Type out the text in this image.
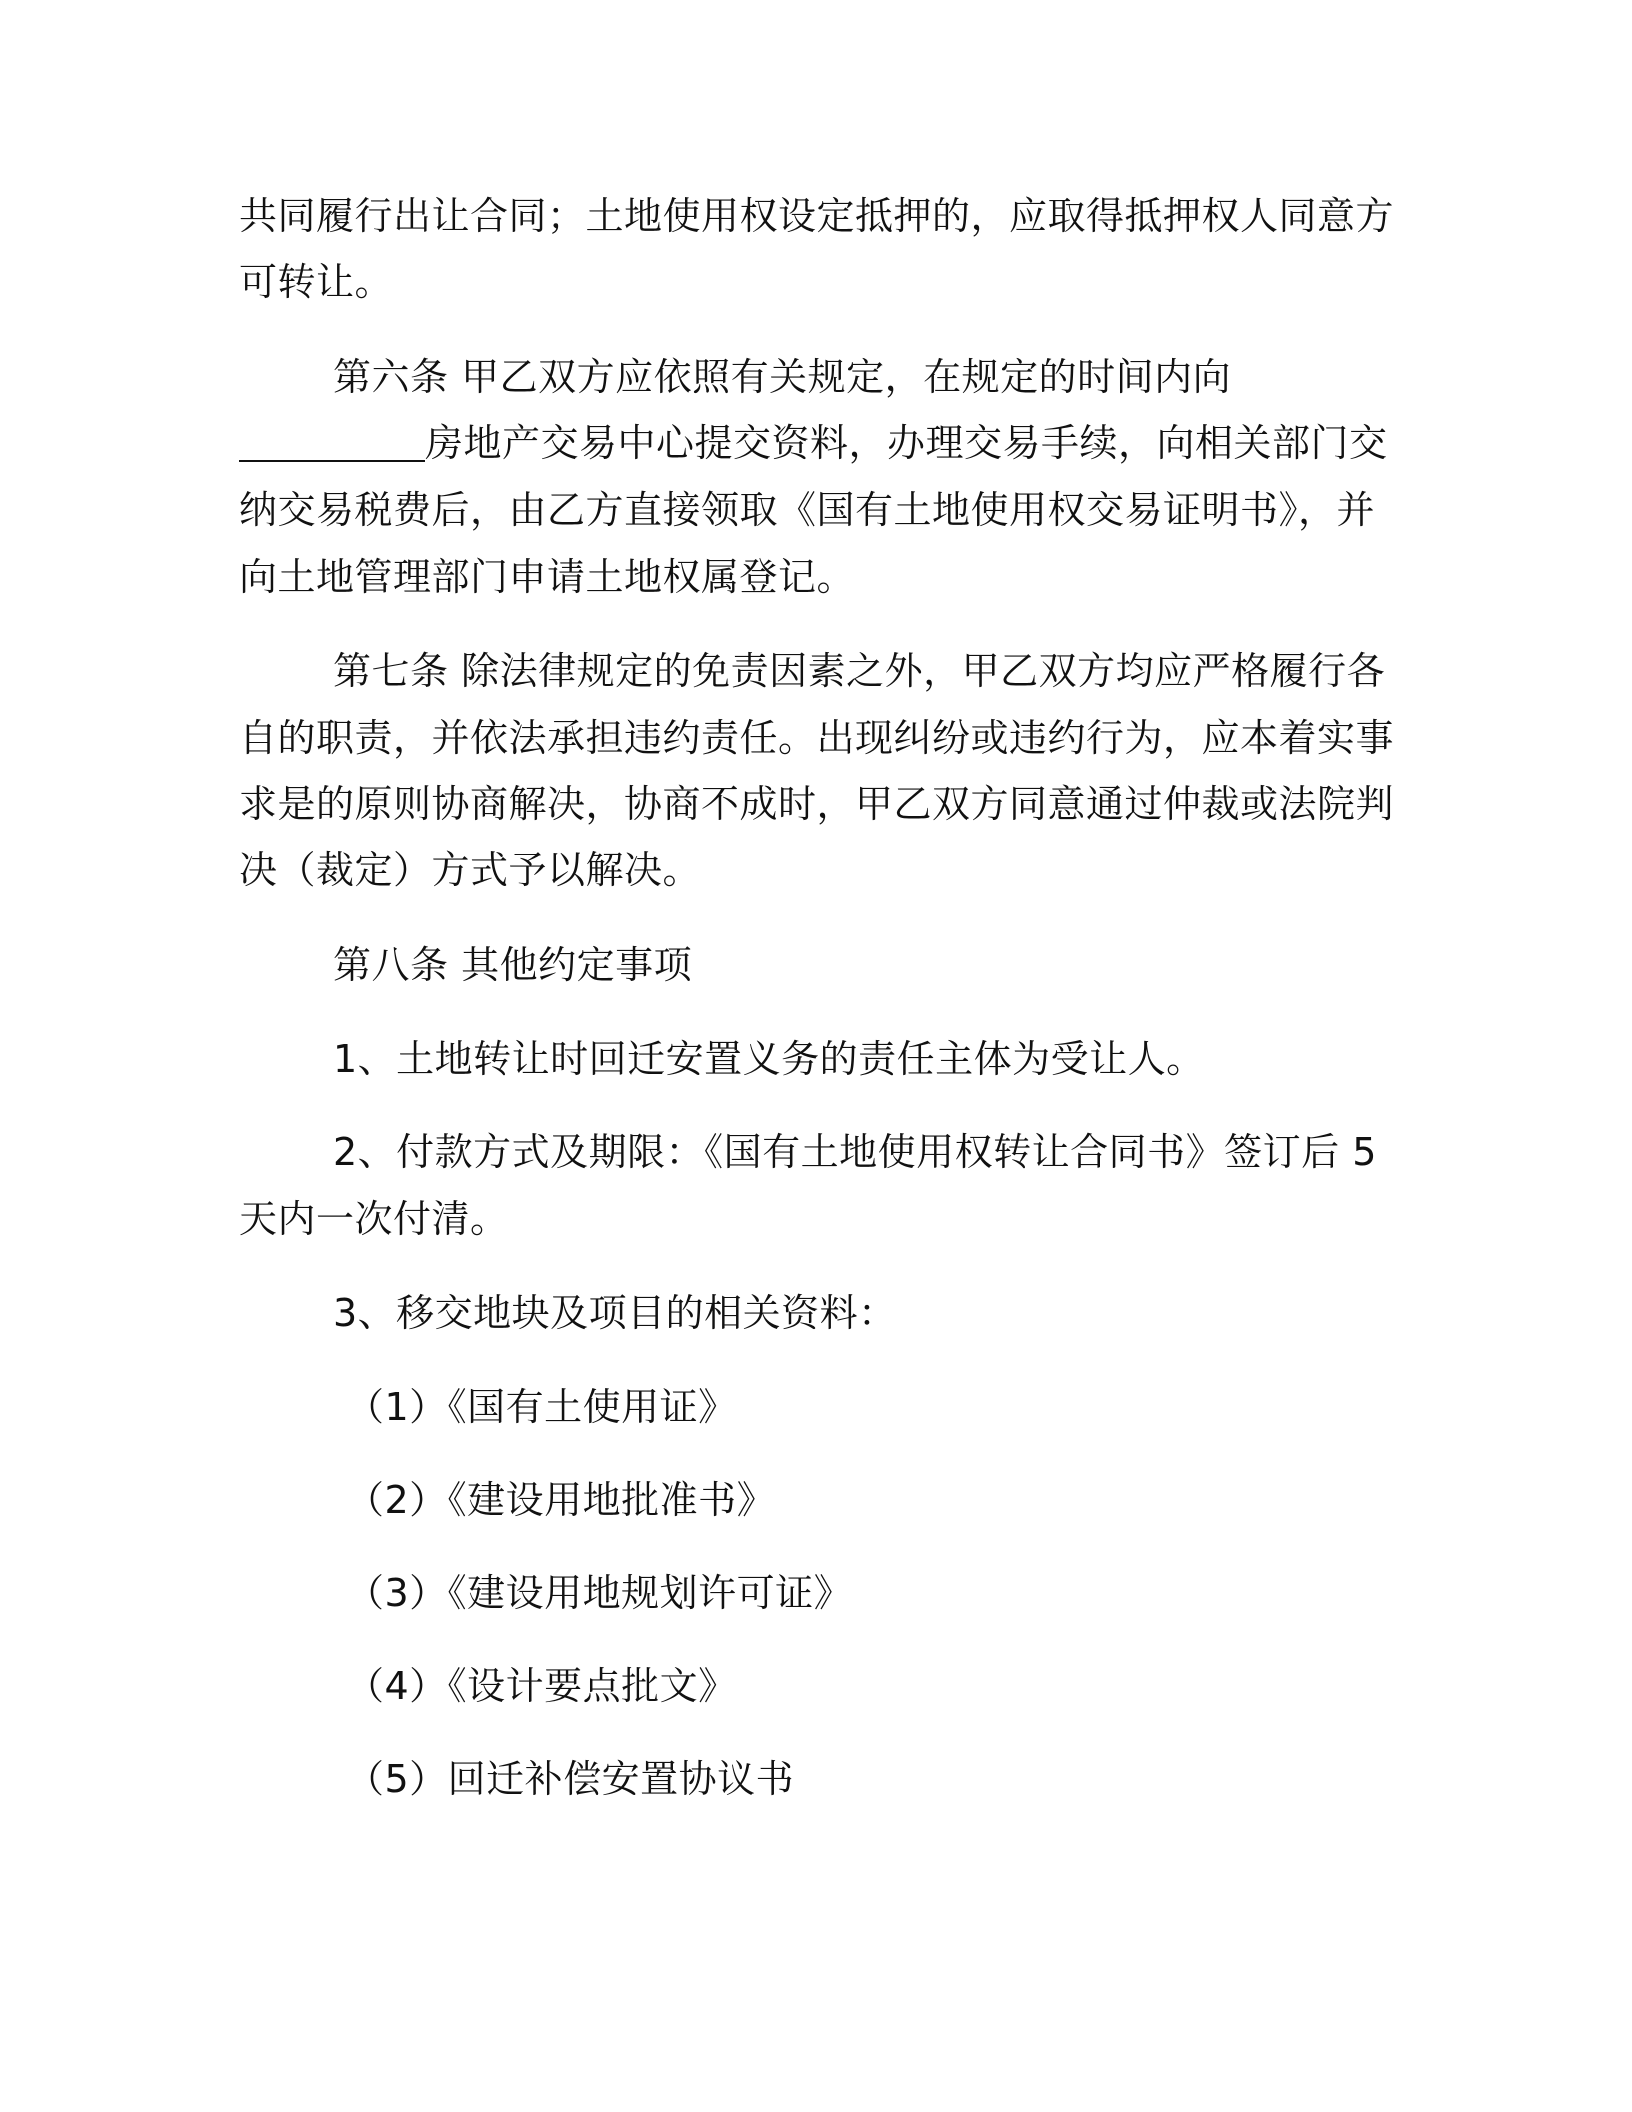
共同履行出让合同；土地使用权设定抵押的，应取得抵押权人同意方
可转让。
第六条 甲乙双方应依照有关规定，在规定的时间内向
房地产交易中心提交资料，办理交易手续，向相关部门交
纳交易税费后，由乙方直接领取《国有土地使用权交易证明书》，并
向土地管理部门申请土地权属登记。
第七条 除法律规定的免责因素之外，甲乙双方均应严格履行各
自的职责，并依法承担违约责任。出现纠纷或违约行为，应本着实事
求是的原则协商解决，协商不成时，甲乙双方同意通过仲裁或法院判
决（裁定）方式予以解决。
第八条 其他约定事项
1、土地转让时回迁安置义务的责任主体为受让人。
2、付款方式及期限：《国有土地使用权转让合同书》签订后 5
天内一次付清。
3、移交地块及项目的相关资料：
（1）《国有土使用证》
（2）《建设用地批准书》
（3）《建设用地规划许可证》
（4）《设计要点批文》
（5）回迁补偿安置协议书
